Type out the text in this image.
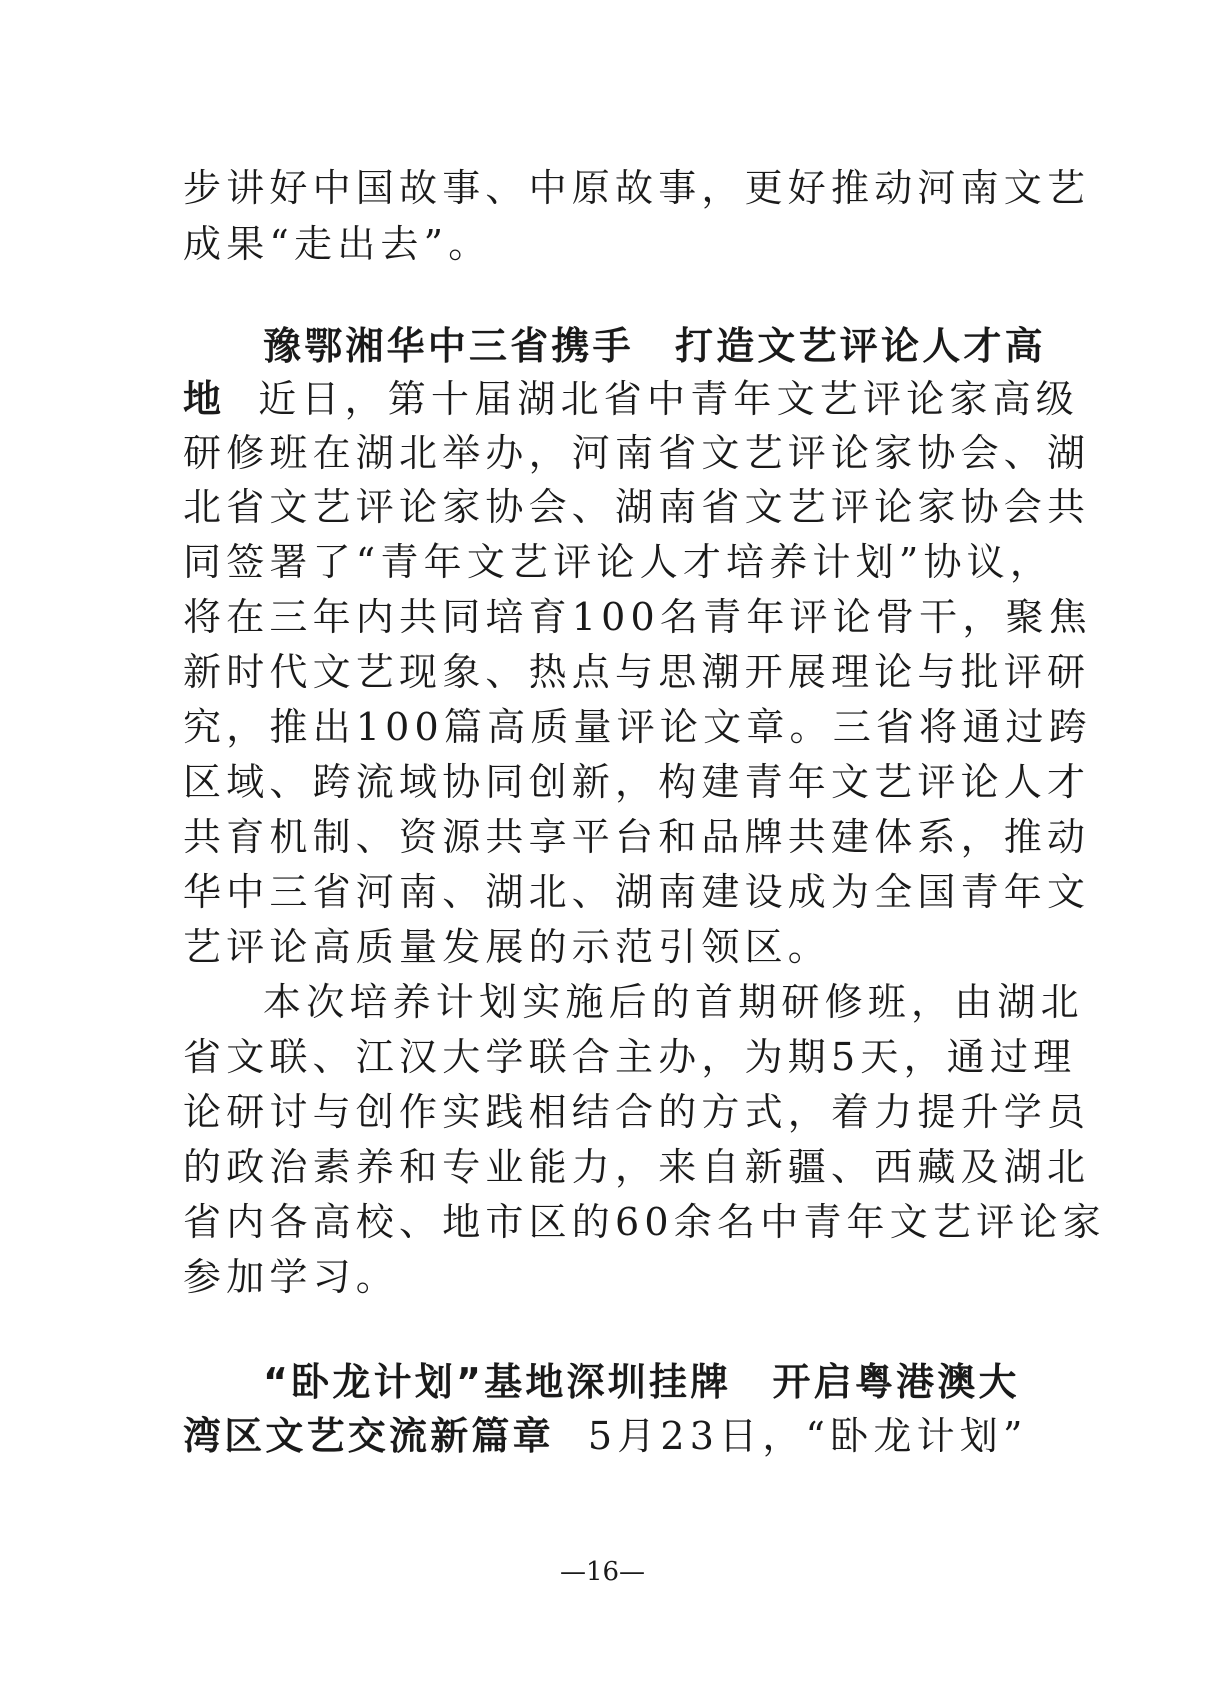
步讲好中国故事、中原故事，更好推动河南文艺
成果“走出去”。
豫鄂湘华中三省携手　打造文艺评论人才高
地 近日，第十届湖北省中青年文艺评论家高级
研修班在湖北举办，河南省文艺评论家协会、湖
北省文艺评论家协会、湖南省文艺评论家协会共
同签署了“青年文艺评论人才培养计划”协议，
将在三年内共同培育100名青年评论骨干，聚焦
新时代文艺现象、热点与思潮开展理论与批评研
究，推出100篇高质量评论文章。三省将通过跨
区域、跨流域协同创新，构建青年文艺评论人才
共育机制、资源共享平台和品牌共建体系，推动
华中三省河南、湖北、湖南建设成为全国青年文
艺评论高质量发展的示范引领区。
本次培养计划实施后的首期研修班，由湖北
省文联、江汉大学联合主办，为期5天，通过理
论研讨与创作实践相结合的方式，着力提升学员
的政治素养和专业能力，来自新疆、西藏及湖北
省内各高校、地市区的60余名中青年文艺评论家
参加学习。
“卧龙计划”基地深圳挂牌　开启粤港澳大
湾区文艺交流新篇章 5月23日，“卧龙计划”
—16—
